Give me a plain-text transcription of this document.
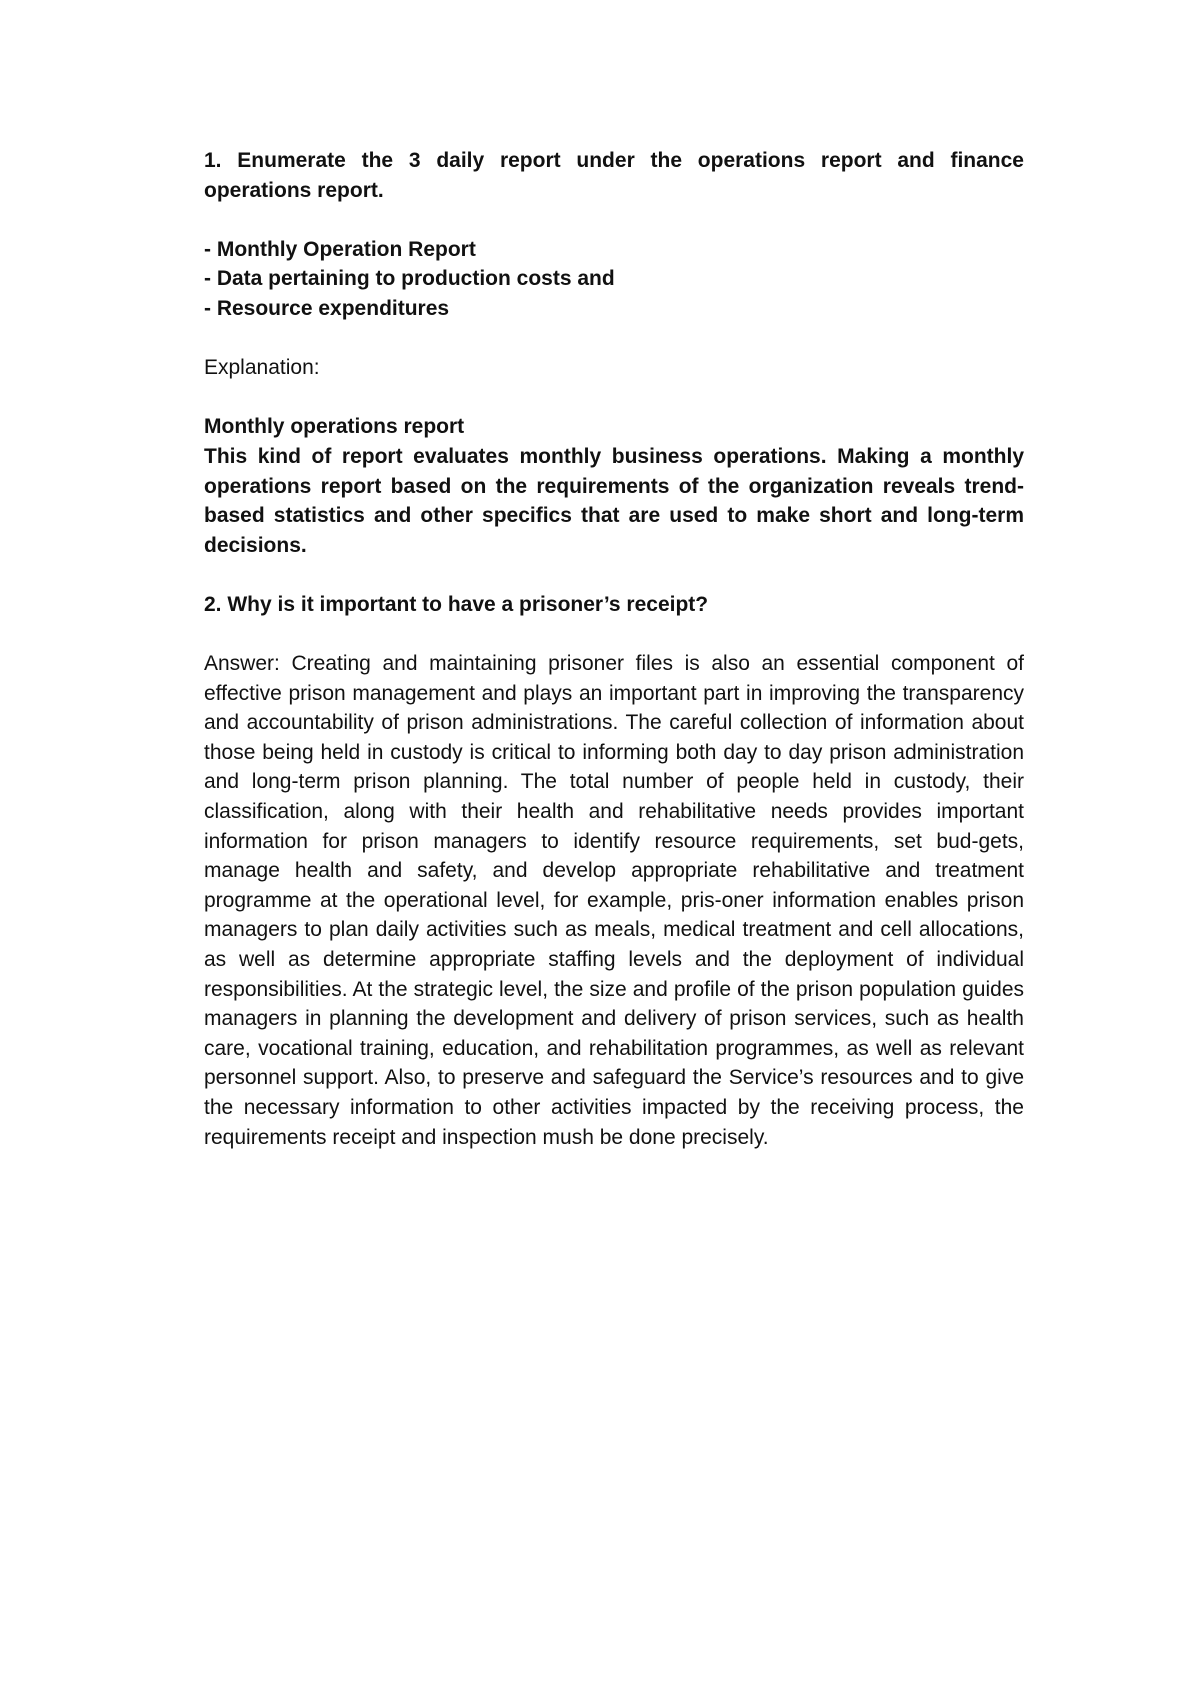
1. Enumerate the 3 daily report under the operations report and finance operations report.

- Monthly Operation Report
- Data pertaining to production costs and
- Resource expenditures

Explanation:

Monthly operations report

This kind of report evaluates monthly business operations. Making a monthly operations report based on the requirements of the organization reveals trend-based statistics and other specifics that are used to make short and long-term decisions.

2. Why is it important to have a prisoner’s receipt?

Answer: Creating and maintaining prisoner files is also an essential component of effective prison management and plays an important part in improving the transparency and accountability of prison administrations. The careful collection of information about those being held in custody is critical to informing both day to day prison administration and long-term prison planning. The total number of people held in custody, their classification, along with their health and rehabilitative needs provides important information for prison managers to identify resource requirements, set bud-gets, manage health and safety, and develop appropriate rehabilitative and treatment programme at the operational level, for example, pris-oner information enables prison managers to plan daily activities such as meals, medical treatment and cell allocations, as well as determine appropriate staffing levels and the deployment of individual responsibilities. At the strategic level, the size and profile of the prison population guides managers in planning the development and delivery of prison services, such as health care, vocational training, education, and rehabilitation programmes, as well as relevant personnel support. Also, to preserve and safeguard the Service’s resources and to give the necessary information to other activities impacted by the receiving process, the requirements receipt and inspection mush be done precisely.
